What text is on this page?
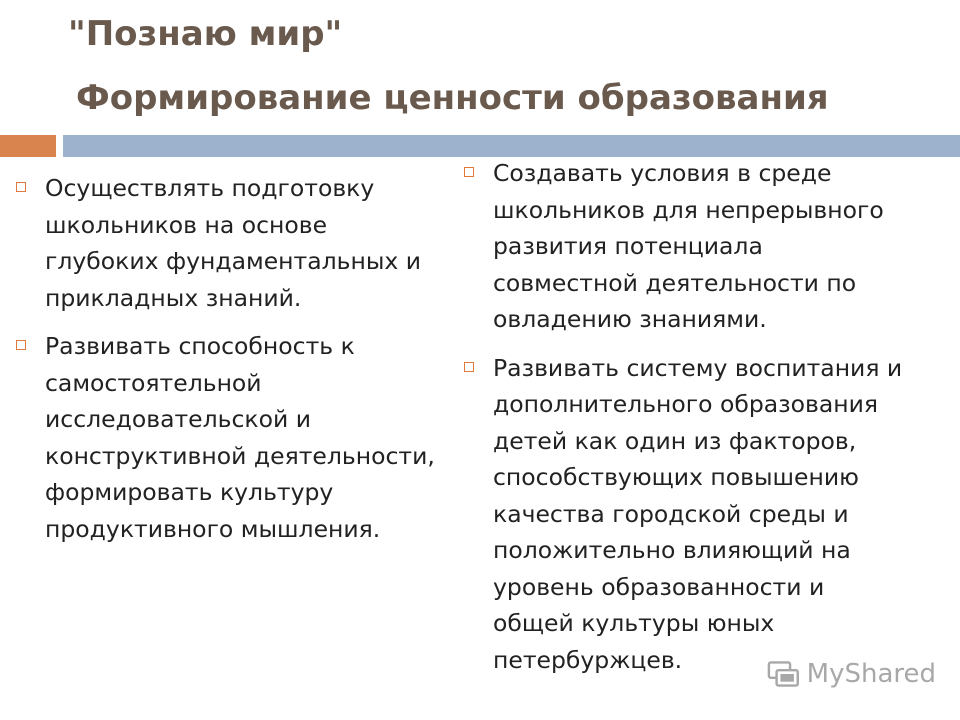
"Познаю мир"
Формирование ценности образования
Осуществлять подготовку
школьников на основе
глубоких фундаментальных и
прикладных знаний.
Развивать способность к
самостоятельной
исследовательской и
конструктивной деятельности,
формировать культуру
продуктивного мышления.
Создавать условия в среде
школьников для непрерывного
развития потенциала
совместной деятельности по
овладению знаниями.
Развивать систему воспитания и
дополнительного образования
детей как один из факторов,
способствующих повышению
качества городской среды и
положительно влияющий на
уровень образованности и
общей культуры юных
петербуржцев.	MyShared
